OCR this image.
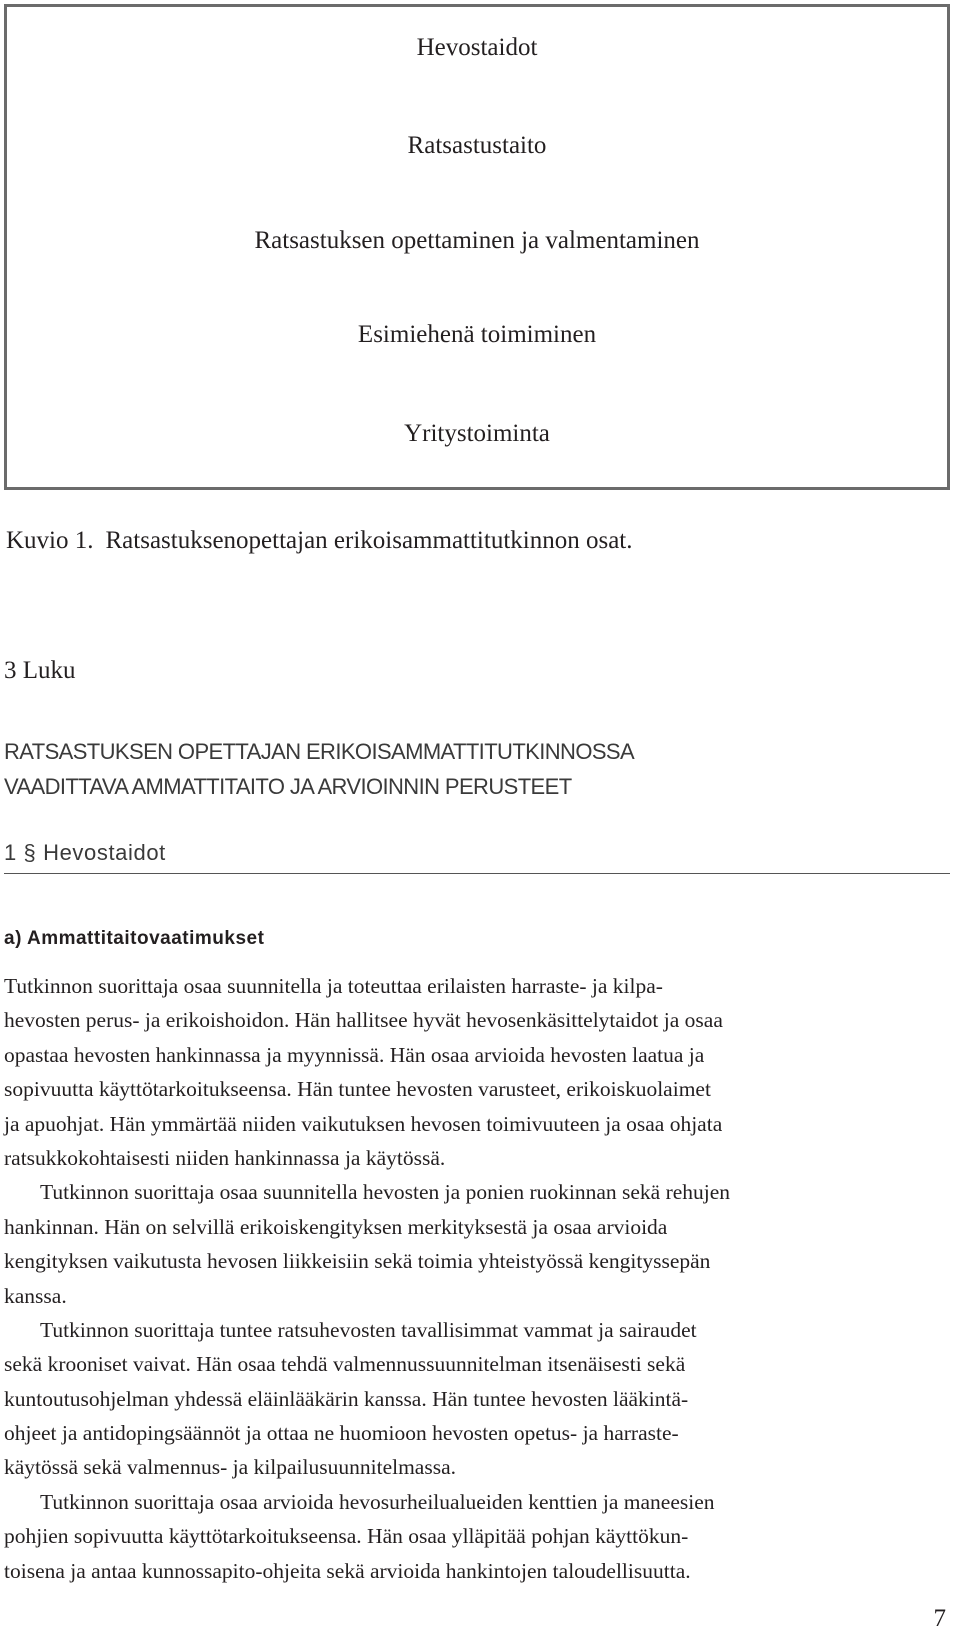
Hevostaidot
Ratsastustaito
Ratsastuksen opettaminen ja valmentaminen
Esimiehenä toimiminen
Yritystoiminta
Kuvio 1. Ratsastuksenopettajan erikoisammattitutkinnon osat.
3 Luku
RATSASTUKSEN OPETTAJAN ERIKOISAMMATTITUTKINNOSSA
VAADITTAVA AMMATTITAITO JA ARVIOINNIN PERUSTEET
1 § Hevostaidot
a) Ammattitaitovaatimukset
Tutkinnon suorittaja osaa suunnitella ja toteuttaa erilaisten harraste- ja kilpa-
hevosten perus- ja erikoishoidon. Hän hallitsee hyvät hevosenkäsittelytaidot ja osaa
opastaa hevosten hankinnassa ja myynnissä. Hän osaa arvioida hevosten laatua ja
sopivuutta käyttötarkoitukseensa. Hän tuntee hevosten varusteet, erikoiskuolaimet
ja apuohjat. Hän ymmärtää niiden vaikutuksen hevosen toimivuuteen ja osaa ohjata
ratsukkokohtaisesti niiden hankinnassa ja käytössä.
Tutkinnon suorittaja osaa suunnitella hevosten ja ponien ruokinnan sekä rehujen
hankinnan. Hän on selvillä erikoiskengityksen merkityksestä ja osaa arvioida
kengityksen vaikutusta hevosen liikkeisiin sekä toimia yhteistyössä kengityssepän
kanssa.
Tutkinnon suorittaja tuntee ratsuhevosten tavallisimmat vammat ja sairaudet
sekä krooniset vaivat. Hän osaa tehdä valmennussuunnitelman itsenäisesti sekä
kuntoutusohjelman yhdessä eläinlääkärin kanssa. Hän tuntee hevosten lääkintä-
ohjeet ja antidopingsäännöt ja ottaa ne huomioon hevosten opetus- ja harraste-
käytössä sekä valmennus- ja kilpailusuunnitelmassa.
Tutkinnon suorittaja osaa arvioida hevosurheilualueiden kenttien ja maneesien
pohjien sopivuutta käyttötarkoitukseensa. Hän osaa ylläpitää pohjan käyttökun-
toisena ja antaa kunnossapito-ohjeita sekä arvioida hankintojen taloudellisuutta.
7
